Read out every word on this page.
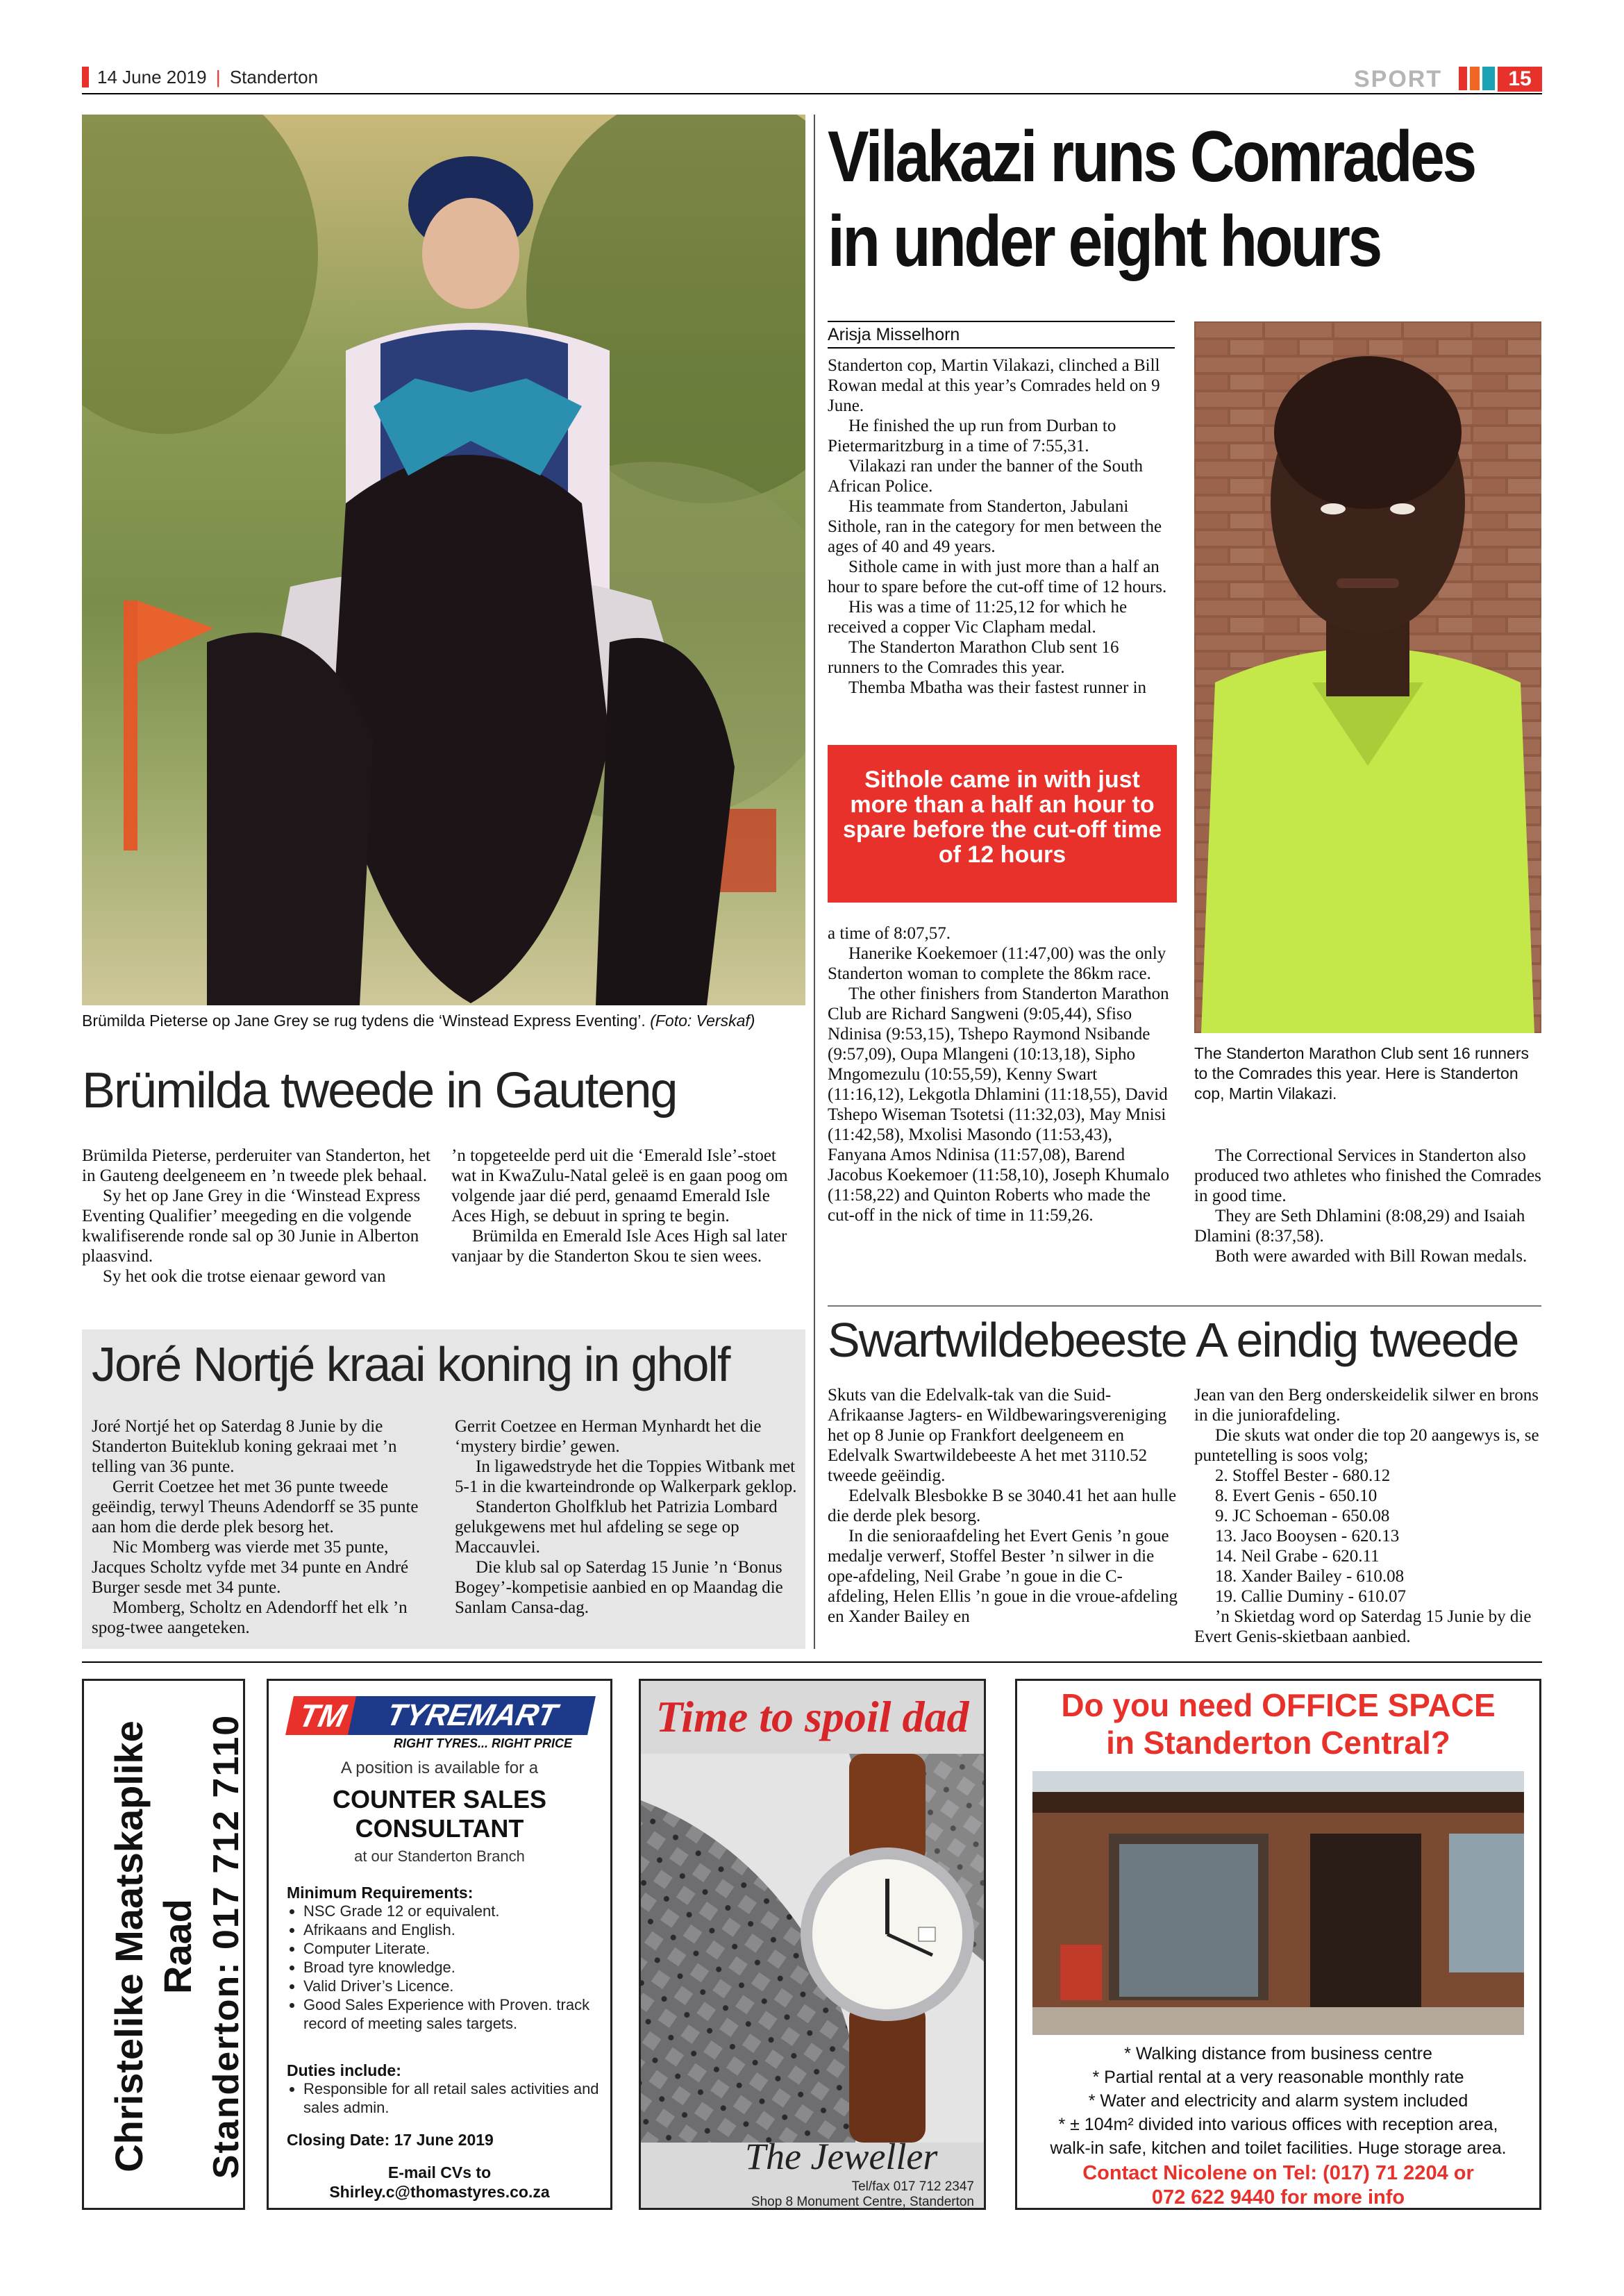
14 June 2019 | Standerton	SPORT	15
Brümilda Pieterse op Jane Grey se rug tydens die ‘Winstead Express Eventing’. (Foto: Verskaf)
Brümilda tweede in Gauteng

Brümilda Pieterse, perderuiter van Standerton, het in Gauteng deelgeneem en ’n tweede plek behaal.

Sy het op Jane Grey in die ‘Winstead Express Eventing Qualifier’ meegeding en die volgende kwalifiserende ronde sal op 30 Junie in Alberton plaasvind.

Sy het ook die trotse eienaar geword van

’n topgeteelde perd uit die ‘Emerald Isle’-stoet wat in KwaZulu-Natal geleë is en gaan poog om volgende jaar dié perd, genaamd Emerald Isle Aces High, se debuut in spring te begin.

Brümilda en Emerald Isle Aces High sal later vanjaar by die Standerton Skou te sien wees.

Joré Nortjé kraai koning in gholf

Joré Nortjé het op Saterdag 8 Junie by die Standerton Buiteklub koning gekraai met ’n telling van 36 punte.

Gerrit Coetzee het met 36 punte tweede geëindig, terwyl Theuns Adendorff se 35 punte aan hom die derde plek besorg het.

Nic Momberg was vierde met 35 punte, Jacques Scholtz vyfde met 34 punte en André Burger sesde met 34 punte.

Momberg, Scholtz en Adendorff het elk ’n spog-twee aangeteken.

Gerrit Coetzee en Herman Mynhardt het die ‘mystery birdie’ gewen.

In ligawedstryde het die Toppies Witbank met 5-1 in die kwarteindronde op Walkerpark geklop.

Standerton Gholfklub het Patrizia Lombard gelukgewens met hul afdeling se sege op Maccauvlei.

Die klub sal op Saterdag 15 Junie ’n ‘Bonus Bogey’-kompetisie aanbied en op Maandag die Sanlam Cansa-dag.

Vilakazi runs Comrades
in under eight hours
Arisja Misselhorn

Standerton cop, Martin Vilakazi, clinched a Bill Rowan medal at this year’s Comrades held on 9 June.

He finished the up run from Durban to Pietermaritzburg in a time of 7:55,31.

Vilakazi ran under the banner of the South African Police.

His teammate from Standerton, Jabulani Sithole, ran in the category for men between the ages of 40 and 49 years.

Sithole came in with just more than a half an hour to spare before the cut-off time of 12 hours.

His was a time of 11:25,12 for which he received a copper Vic Clapham medal.

The Standerton Marathon Club sent 16 runners to the Comrades this year.

Themba Mbatha was their fastest runner in

Sithole came in with just more than a half an hour to spare before the cut-off time of 12 hours

a time of 8:07,57.

Hanerike Koekemoer (11:47,00) was the only Standerton woman to complete the 86km race.

The other finishers from Standerton Marathon Club are Richard Sangweni (9:05,44), Sfiso Ndinisa (9:53,15), Tshepo Raymond Nsibande (9:57,09), Oupa Mlangeni (10:13,18), Sipho Mngomezulu (10:55,59), Kenny Swart (11:16,12), Lekgotla Dhlamini (11:18,55), David Tshepo Wiseman Tsotetsi (11:32,03), May Mnisi (11:42,58), Mxolisi Masondo (11:53,43), Fanyana Amos Ndinisa (11:57,08), Barend Jacobus Koekemoer (11:58,10), Joseph Khumalo (11:58,22) and Quinton Roberts who made the cut-off in the nick of time in 11:59,26.

The Standerton Marathon Club sent 16 runners to the Comrades this year. Here is Standerton cop, Martin Vilakazi.

The Correctional Services in Standerton also produced two athletes who finished the Comrades in good time.

They are Seth Dhlamini (8:08,29) and Isaiah Dlamini (8:37,58).

Both were awarded with Bill Rowan medals.

Swartwildebeeste A eindig tweede

Skuts van die Edelvalk-tak van die Suid-Afrikaanse Jagters- en Wildbewaringsvereniging het op 8 Junie op Frankfort deelgeneem en Edelvalk Swartwildebeeste A het met 3110.52 tweede geëindig.

Edelvalk Blesbokke B se 3040.41 het aan hulle die derde plek besorg.

In die senioraafdeling het Evert Genis ’n goue medalje verwerf, Stoffel Bester ’n silwer in die ope-afdeling, Neil Grabe ’n goue in die C-afdeling, Helen Ellis ’n goue in die vroue-afdeling en Xander Bailey en

Jean van den Berg onderskeidelik silwer en brons in die juniorafdeling.

Die skuts wat onder die top 20 aangewys is, se puntetelling is soos volg;

2. Stoffel Bester - 680.12

8. Evert Genis - 650.10

9. JC Schoeman - 650.08

13. Jaco Booysen - 620.13

14. Neil Grabe - 620.11

18. Xander Bailey - 610.08

19. Callie Duminy - 610.07

’n Skietdag word op Saterdag 15 Junie by die Evert Genis-skietbaan aanbied.

Christelike Maatskaplike Raad Standerton: 017 712 7110	TM	TYREMART
RIGHT TYRES... RIGHT PRICE
A position is available for a
COUNTER SALES
CONSULTANT
at our Standerton Branch
Minimum Requirements:
• NSC Grade 12 or equivalent.
• Afrikaans and English.
• Computer Literate.
• Broad tyre knowledge.
• Valid Driver’s Licence.
• Good Sales Experience with Proven. track record of meeting sales targets.
Duties include:
• Responsible for all retail sales activities and sales admin.
Closing Date: 17 June 2019
E-mail CVs to
Shirley.c@thomastyres.co.za
Time to spoil dad
The Jeweller
Tel/fax 017 712 2347
Shop 8 Monument Centre, Standerton
Do you need OFFICE SPACE
in Standerton Central?
* Walking distance from business centre
* Partial rental at a very reasonable monthly rate
* Water and electricity and alarm system included
* ± 104m² divided into various offices with reception area,
walk-in safe, kitchen and toilet facilities. Huge storage area.
Contact Nicolene on Tel: (017) 71 2204 or
072 622 9440 for more info
